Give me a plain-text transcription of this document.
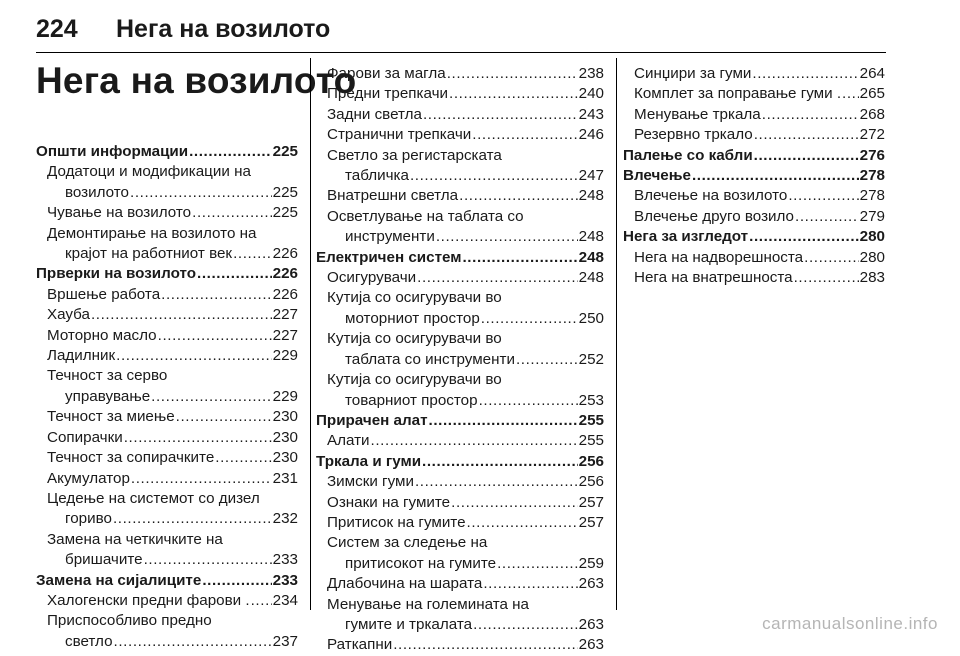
224	Нега на возилото
Нега на возилото
Општи информации .....	225
Додатоци и модификации на
возилото .....	225
Чување на возилото .....	225
Демонтирање на возилото на
крајот на работниот век .....	226
Прверки на возилото .....	226
Вршење работа .....	226
Хауба .....	227
Моторно масло .....	227
Ладилник .....	229
Течност за серво
управување .....	229
Течност за миење .....	230
Сопирачки .....	230
Течност за сопирачките .....	230
Акумулатор .....	231
Цедење на системот со дизел
гориво .....	232
Замена на четкичките на
бришачите .....	233
Замена на сијалиците .....	233
Халогенски предни фарови . ..... 234
Приспособливо предно
светло .....	237
Фарови за магла .....	238
Предни трепкачи .....	240
Задни светла .....	243
Странични трепкачи .....	246
Светло за регистарската
табличка .....	247
Внатрешни светла .....	248
Осветлување на таблата со
инструменти .....	248
Електричен систем .....	248
Осигурувачи .....	248
Кутија со осигурувачи во
моторниот простор .....	250
Кутија со осигурувачи во
таблата со инструменти .....	252
Кутија со осигурувачи во
товарниот простор .....	253
Прирачен алат .....	255
Алати .....	255
Тркала и гуми .....	256
Зимски гуми .....	256
Ознаки на гумите .....	257
Притисок на гумите .....	257
Систем за следење на
притисокот на гумите .....	259
Длабочина на шарата .....	263
Менување на големината на
гумите и тркалата .....	263
Раткапни .....	263
Синџири за гуми .....	264
Комплет за поправање гуми . ..... 265
Менување тркала .....	268
Резервно тркало .....	272
Палење со кабли .....	276
Влечење .....	278
Влечење на возилото .....	278
Влечење друго возило .....	279
Нега за изгледот .....	280
Нега на надворешноста .....	280
Нега на внатрешноста .....	283
carmanualsonline.info
